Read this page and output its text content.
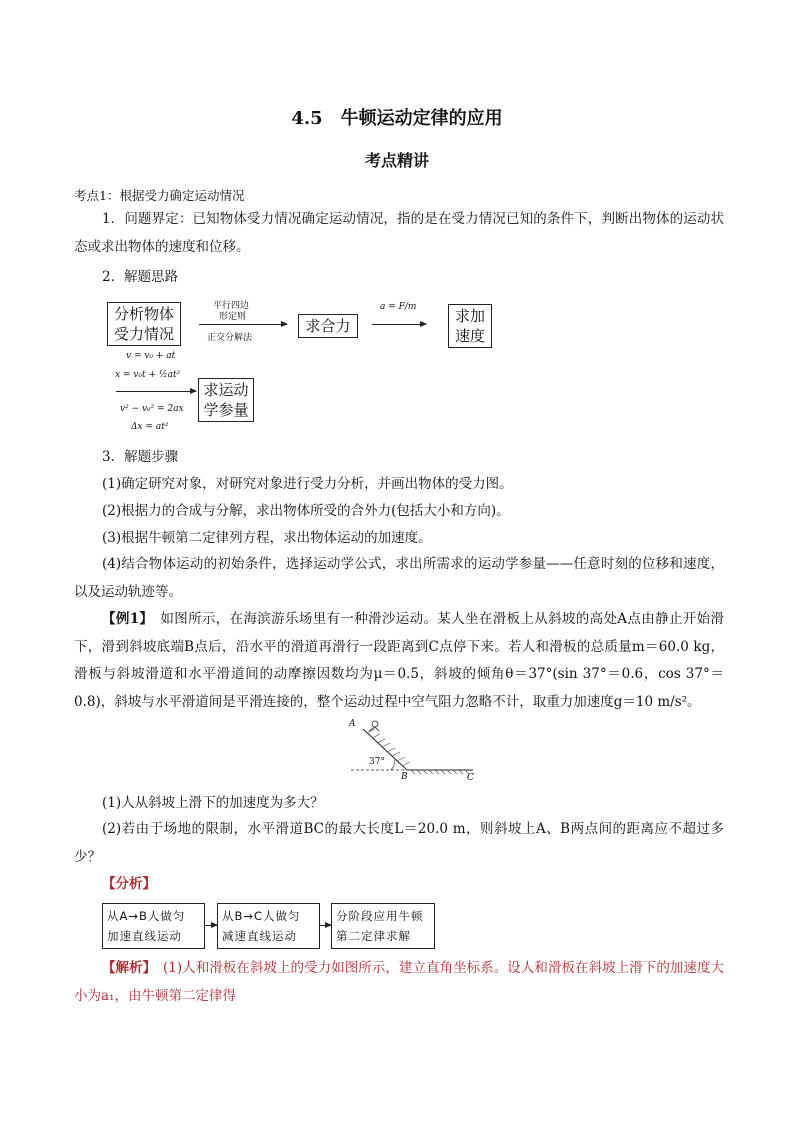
4.5　牛顿运动定律的应用
考点精讲
考点1：根据受力确定运动情况
1．问题界定：已知物体受力情况确定运动情况，指的是在受力情况已知的条件下，判断出物体的运动状态或求出物体的速度和位移。
2．解题思路
分析物体
受力情况
平行四边
形定则
正交分解法
求合力
a = F/m	求加
速度
v = v₀ + at
x = v₀t + ½at²
v² − v₀² = 2ax
Δx = at²
求运动
学参量
3．解题步骤
(1)确定研究对象，对研究对象进行受力分析，并画出物体的受力图。
(2)根据力的合成与分解，求出物体所受的合外力(包括大小和方向)。
(3)根据牛顿第二定律列方程，求出物体运动的加速度。
(4)结合物体运动的初始条件，选择运动学公式，求出所需求的运动学参量——任意时刻的位移和速度，以及运动轨迹等。
【例1】　如图所示，在海滨游乐场里有一种滑沙运动。某人坐在滑板上从斜坡的高处A点由静止开始滑下，滑到斜坡底端B点后，沿水平的滑道再滑行一段距离到C点停下来。若人和滑板的总质量m＝60.0 kg，滑板与斜坡滑道和水平滑道间的动摩擦因数均为μ＝0.5，斜坡的倾角θ＝37°(sin 37°＝0.6，cos 37°＝0.8)，斜坡与水平滑道间是平滑连接的，整个运动过程中空气阻力忽略不计，取重力加速度g＝10 m/s²。
A
B	C
37°
(1)人从斜坡上滑下的加速度为多大？
(2)若由于场地的限制，水平滑道BC的最大长度L＝20.0 m，则斜坡上A、B两点间的距离应不超过多少？
【分析】
从A→B人做匀
加速直线运动
从B→C人做匀
减速直线运动
分阶段应用牛顿
第二定律求解
【解析】　(1)人和滑板在斜坡上的受力如图所示，建立直角坐标系。设人和滑板在斜坡上滑下的加速度大小为a₁，由牛顿第二定律得
